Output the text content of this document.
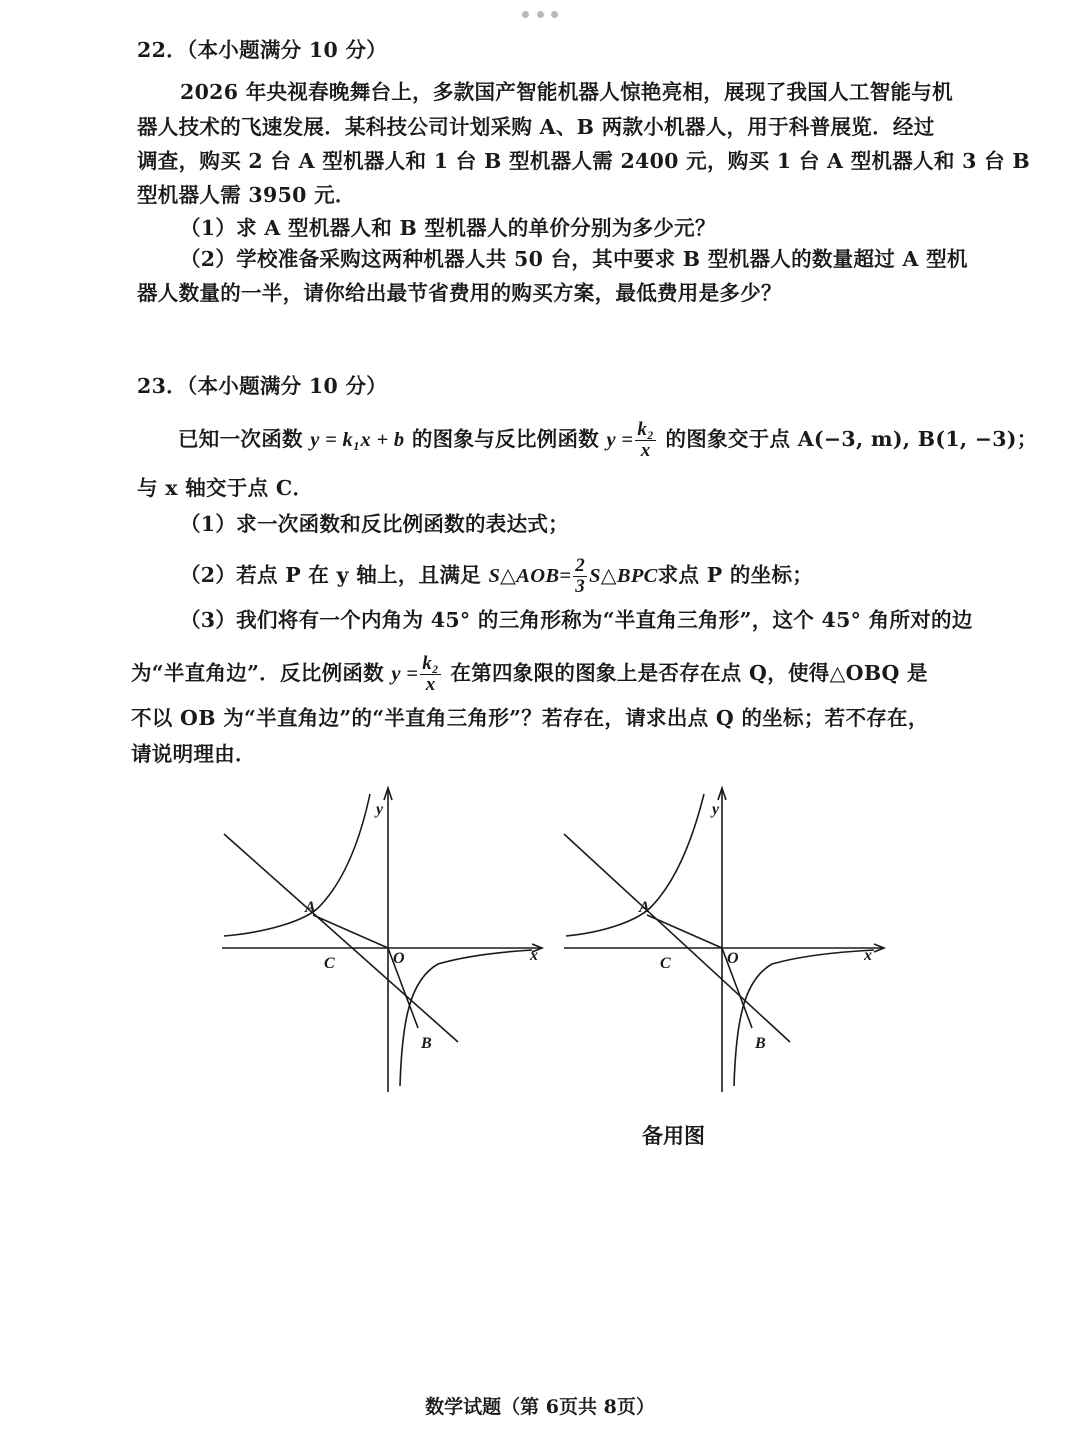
22．（本小题满分 10 分）
2026 年央视春晚舞台上，多款国产智能机器人惊艳亮相，展现了我国人工智能与机
器人技术的飞速发展．某科技公司计划采购 A、B 两款小机器人，用于科普展览．经过
调查，购买 2 台 A 型机器人和 1 台 B 型机器人需 2400 元，购买 1 台 A 型机器人和 3 台 B
型机器人需 3950 元．
（1）求 A 型机器人和 B 型机器人的单价分别为多少元？
（2）学校准备采购这两种机器人共 50 台，其中要求 B 型机器人的数量超过 A 型机
器人数量的一半，请你给出最节省费用的购买方案，最低费用是多少？
23．（本小题满分 10 分）
已知一次函数 y = k₁x + b 的图象与反比例函数 $y = \frac{\text{k₂}}{x}$ 的图象交于点 A(−3, m), B(1, −3)；
与 x 轴交于点 C．
（1）求一次函数和反比例函数的表达式；
（2）若点 P 在 y 轴上，且满足 S△AOB= $\frac{2}{3}$ S△BPC求点 P 的坐标；
（3）我们将有一个内角为 45° 的三角形称为“半直角三角形”，这个 45° 角所对的边
为“半直角边”．反比例函数 $y = \frac{\text{k₂}}{x}$ 在第四象限的图象上是否存在点 Q，使得△OBQ 是
不以 OB 为“半直角边”的“半直角三角形”？若存在，请求出点 Q 的坐标；若不存在，
请说明理由．
y
x
A
C	O
B
y
x
A
C	O
B
备用图
数学试题（第 6页共 8页）
